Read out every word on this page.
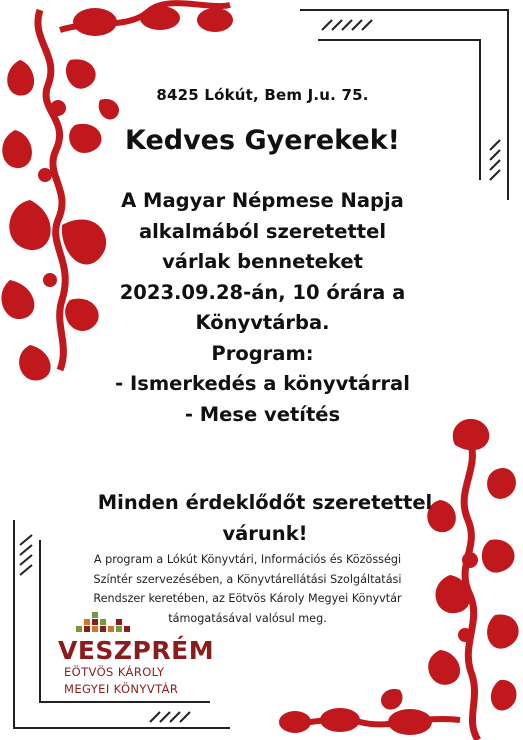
8425 Lókút, Bem J.u. 75.
Kedves Gyerekek!
A Magyar Népmese Napja
alkalmából szeretettel
várlak benneteket
2023.09.28-án, 10 órára a
Könyvtárba.
Program:
- Ismerkedés a könyvtárral
- Mese vetítés
Minden érdeklődőt szeretettel
várunk!
A program a Lókút Könyvtári, Információs és Közösségi
Színtér szervezésében, a Könyvtárellátási Szolgáltatási
Rendszer keretében, az Eötvös Károly Megyei Könyvtár
támogatásával valósul meg.
VESZPRÉM
EÖTVÖS KÁROLY
MEGYEI KÖNYVTÁR
